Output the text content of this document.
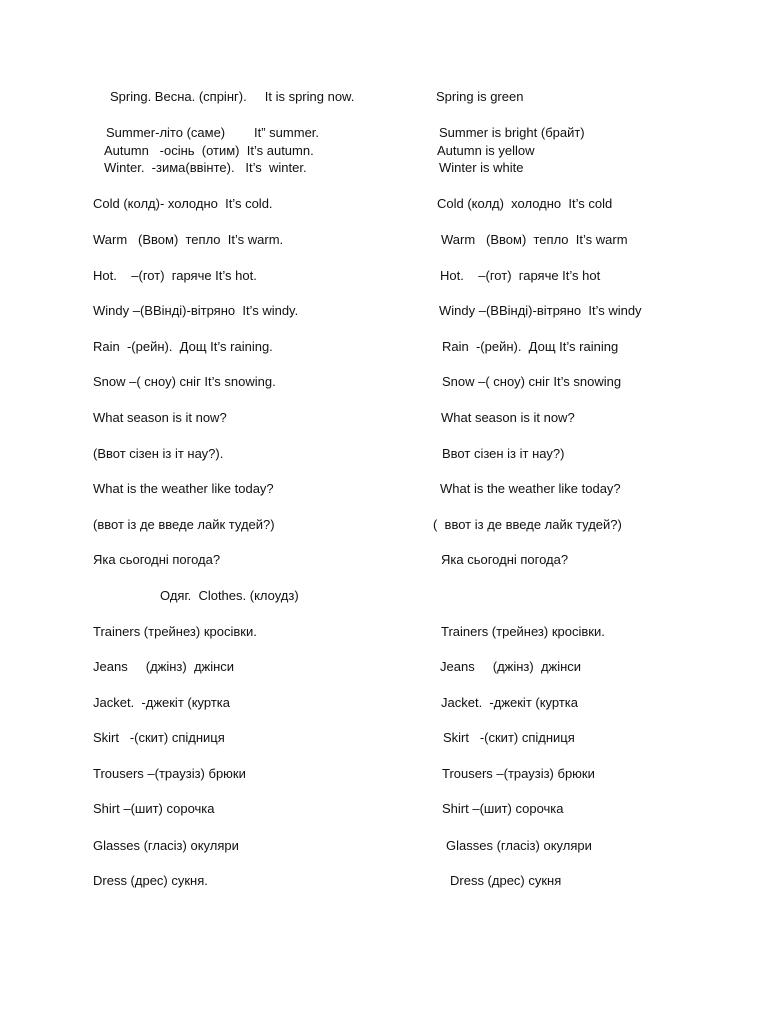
Spring. Весна. (спрінг).     It is spring now.

Summer-літо (саме)        It” summer.

Autumn   -осінь  (отим)  It’s autumn.

Winter.  -зима(ввінте).   It’s  winter.

Cold (колд)- холодно  It’s cold.

Warm   (Ввом)  тепло  It’s warm.

Hot.    –(гот)  гаряче It’s hot.

Windy –(ВВінді)-вітряно  It’s windy.

Rain  -(рейн).  Дощ It’s raining.

Snow –( сноу) сніг It’s snowing.

What season is it now?

(Ввот сізен із іт нау?).

What is the weather like today?

(ввот із де введе лайк тудей?)

Яка сьогодні погода?

Одяг.  Clothes. (клоудз)

Trainers (трейнез) кросівки.

Jeans     (джінз)  джінси

Jacket.  -джекіт (куртка

Skirt   -(скит) спідниця

Trousers –(траузіз) брюки

Shirt –(шит) сорочка

Glasses (гласіз) окуляри

Dress (дрес) сукня.

Spring is green

Summer is bright (брайт)

Autumn is yellow

Winter is white

Cold (колд)  холодно  It’s cold

Warm   (Ввом)  тепло  It’s warm

Hot.    –(гот)  гаряче It’s hot

Windy –(ВВінді)-вітряно  It’s windy

Rain  -(рейн).  Дощ It’s raining

Snow –( сноу) сніг It’s snowing

What season is it now?

Ввот сізен із іт нау?)

What is the weather like today?

(  ввот із де введе лайк тудей?)

Яка сьогодні погода?

Trainers (трейнез) кросівки.

Jeans     (джінз)  джінси

Jacket.  -джекіт (куртка

Skirt   -(скит) спідниця

Trousers –(траузіз) брюки

Shirt –(шит) сорочка

Glasses (гласіз) окуляри

Dress (дрес) сукня
